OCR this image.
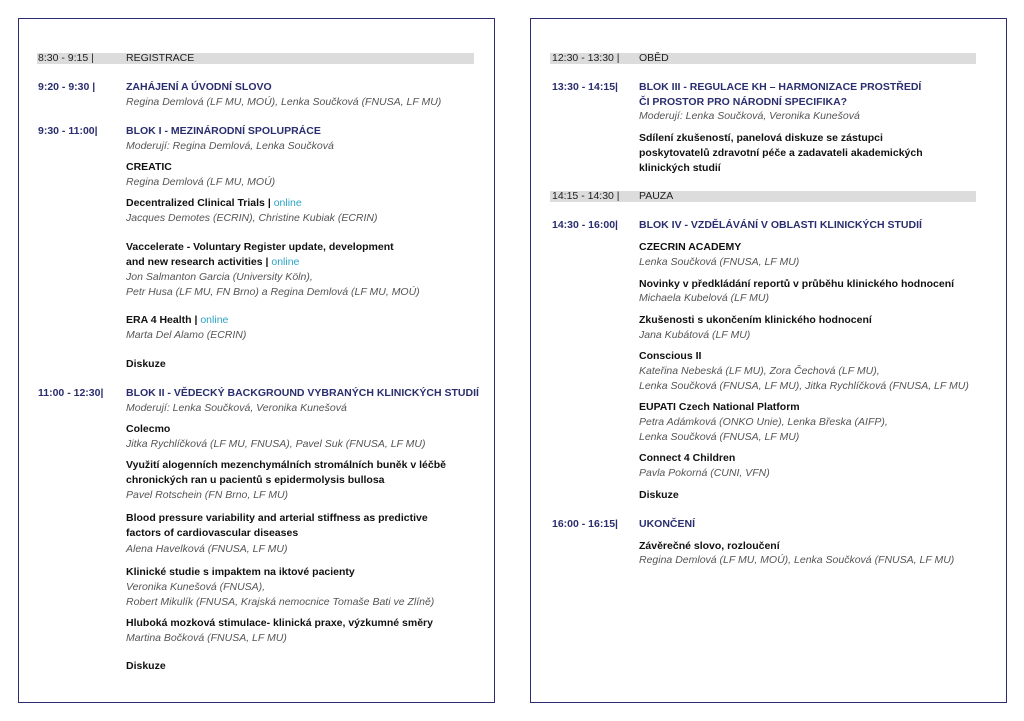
8:30 - 9:15 |	REGISTRACE
9:20 - 9:30 |	ZAHÁJENÍ A ÚVODNÍ SLOVO
Regina Demlová (LF MU, MOÚ), Lenka Součková (FNUSA, LF MU)
9:30 - 11:00|	BLOK I - MEZINÁRODNÍ SPOLUPRÁCE
Moderují: Regina Demlová, Lenka Součková
CREATIC
Regina Demlová (LF MU, MOÚ)
Decentralized Clinical Trials | online
Jacques Demotes (ECRIN), Christine Kubiak (ECRIN)
Vaccelerate - Voluntary Register update, development
and new research activities | online
Jon Salmanton Garcia (University Köln),
Petr Husa (LF MU, FN Brno) a Regina Demlová (LF MU, MOÚ)
ERA 4 Health | online
Marta Del Alamo (ECRIN)
Diskuze
11:00 - 12:30| BLOK II - VĚDECKÝ BACKGROUND VYBRANÝCH KLINICKÝCH STUDIÍ
Moderují: Lenka Součková, Veronika Kunešová
Colecmo
Jitka Rychlíčková (LF MU, FNUSA), Pavel Suk (FNUSA, LF MU)
Využití alogenních mezenchymálních stromálních buněk v léčbě
chronických ran u pacientů s epidermolysis bullosa
Pavel Rotschein (FN Brno, LF MU)
Blood pressure variability and arterial stiffness as predictive
factors of cardiovascular diseases
Alena Havelková (FNUSA, LF MU)
Klinické studie s impaktem na iktové pacienty
Veronika Kunešová (FNUSA),
Robert Mikulík (FNUSA, Krajská nemocnice Tomaše Bati ve Zlíně)
Hluboká mozková stimulace- klinická praxe, výzkumné směry
Martina Bočková (FNUSA, LF MU)
Diskuze
12:30 - 13:30 | OBĚD
13:30 - 14:15| BLOK III - REGULACE KH – HARMONIZACE PROSTŘEDÍ
ČI PROSTOR PRO NÁRODNÍ SPECIFIKA?
Moderují: Lenka Součková, Veronika Kunešová
Sdílení zkušeností, panelová diskuze se zástupci
poskytovatelů zdravotní péče a zadavateli akademických
klinických studií
14:15 - 14:30 | PAUZA
14:30 - 16:00| BLOK IV - VZDĚLÁVÁNÍ V OBLASTI KLINICKÝCH STUDIÍ
CZECRIN ACADEMY
Lenka Součková (FNUSA, LF MU)
Novinky v předkládání reportů v průběhu klinického hodnocení
Michaela Kubelová (LF MU)
Zkušenosti s ukončením klinického hodnocení
Jana Kubátová (LF MU)
Conscious II
Kateřina Nebeská (LF MU), Zora Čechová (LF MU),
Lenka Součková (FNUSA, LF MU), Jitka Rychlíčková (FNUSA, LF MU)
EUPATI Czech National Platform
Petra Adámková (ONKO Unie), Lenka Břeska (AIFP),
Lenka Součková (FNUSA, LF MU)
Connect 4 Children
Pavla Pokorná (CUNI, VFN)
Diskuze
16:00 - 16:15| UKONČENÍ
Závěrečné slovo, rozloučení
Regina Demlová (LF MU, MOÚ), Lenka Součková (FNUSA, LF MU)
